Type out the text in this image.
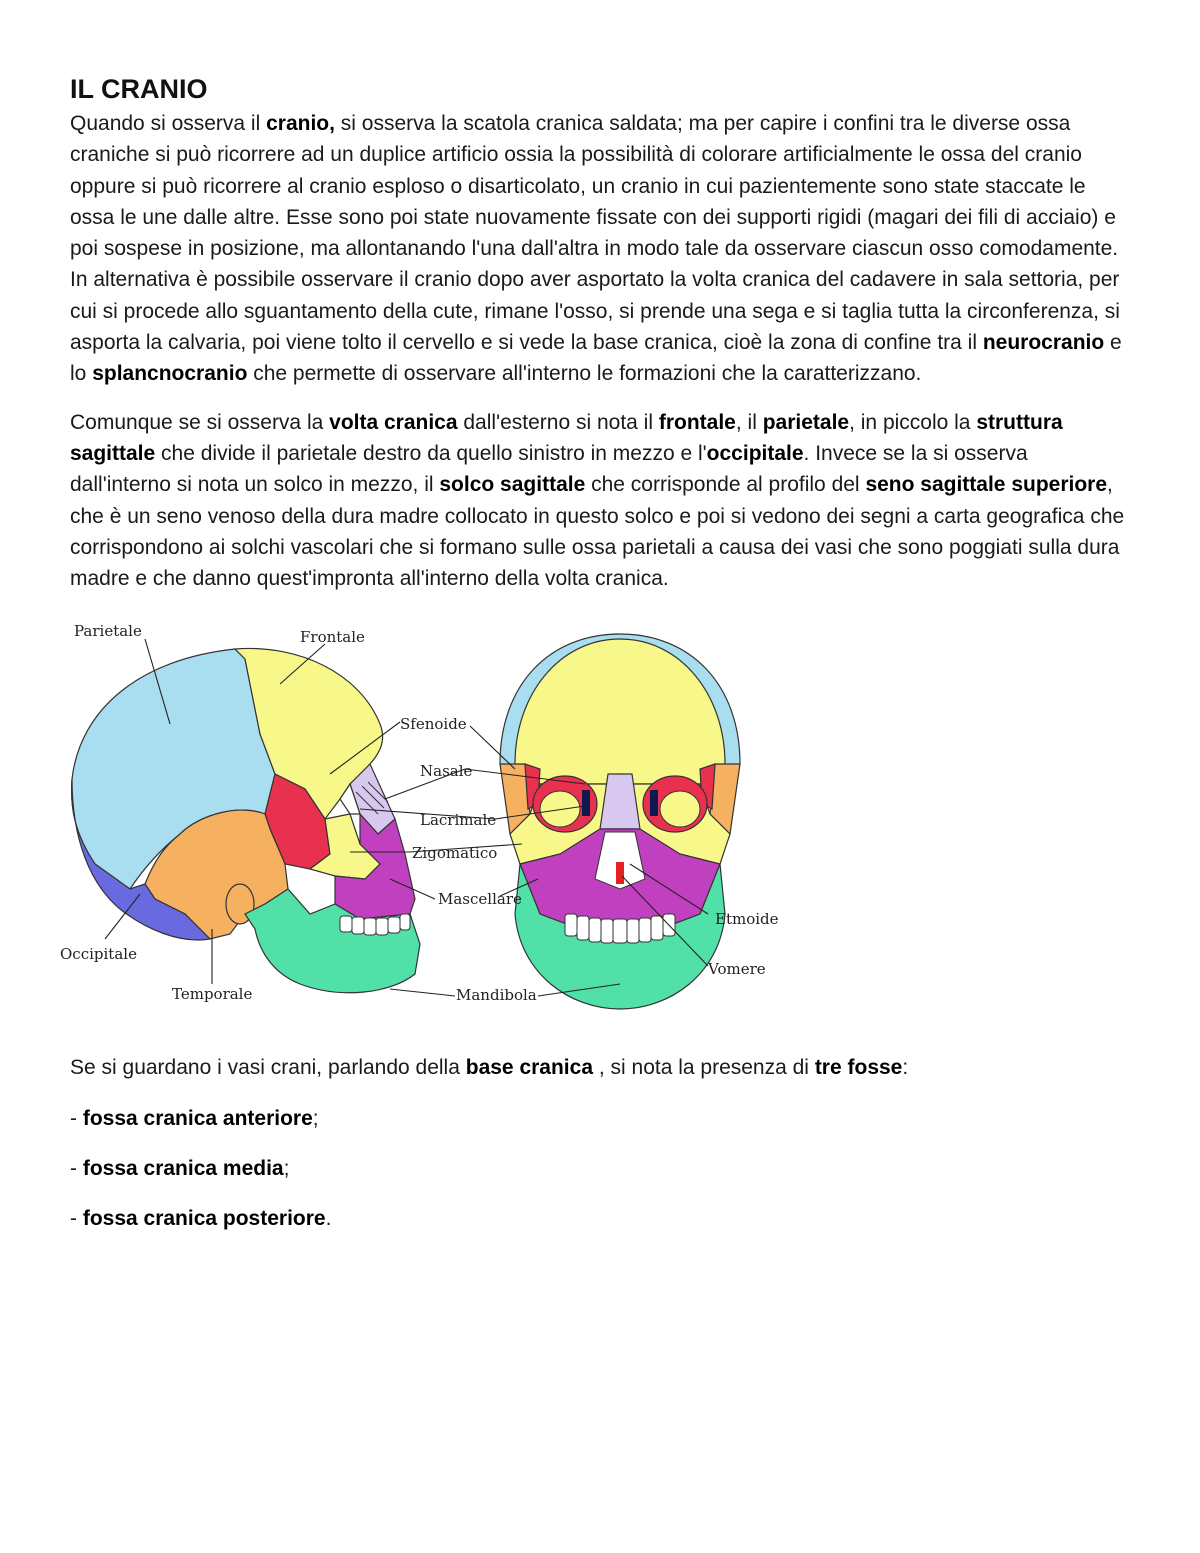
IL CRANIO

Quando si osserva il cranio, si osserva la scatola cranica saldata; ma per capire i confini tra le diverse ossa craniche si può ricorrere ad un duplice artificio ossia la possibilità di colorare artificialmente le ossa del cranio oppure si può ricorrere al cranio esploso o disarticolato, un cranio in cui pazientemente sono state staccate le ossa le une dalle altre. Esse sono poi state nuovamente fissate con dei supporti rigidi (magari dei fili di acciaio) e poi sospese in posizione, ma allontanando l'una dall'altra in modo tale da osservare ciascun osso comodamente. In alternativa è possibile osservare il cranio dopo aver asportato la volta cranica del cadavere in sala settoria, per cui si procede allo sguantamento della cute, rimane l'osso, si prende una sega e si taglia tutta la circonferenza, si asporta la calvaria, poi viene tolto il cervello e si vede la base cranica, cioè la zona di confine tra il neurocranio e lo splancnocranio che permette di osservare all'interno le formazioni che la caratterizzano.

Comunque se si osserva la volta cranica dall'esterno si nota il frontale, il parietale, in piccolo la struttura sagittale che divide il parietale destro da quello sinistro in mezzo e l'occipitale. Invece se la si osserva dall'interno si nota un solco in mezzo, il solco sagittale che corrisponde al profilo del seno sagittale superiore, che è un seno venoso della dura madre collocato in questo solco e poi si vedono dei segni a carta geografica che corrispondono ai solchi vascolari che si formano sulle ossa parietali a causa dei vasi che sono poggiati sulla dura madre e che danno quest'impronta all'interno della volta cranica.

Parietale	Frontale
Sfenoide
Nasale
Lacrimale
Zigomatico
Mascellare
Occipitale
Temporale	Mandibola
Etmoide
Vomere

Se si guardano i vasi crani, parlando della base cranica , si nota la presenza di tre fosse:

- fossa cranica anteriore;

- fossa cranica media;

- fossa cranica posteriore.
